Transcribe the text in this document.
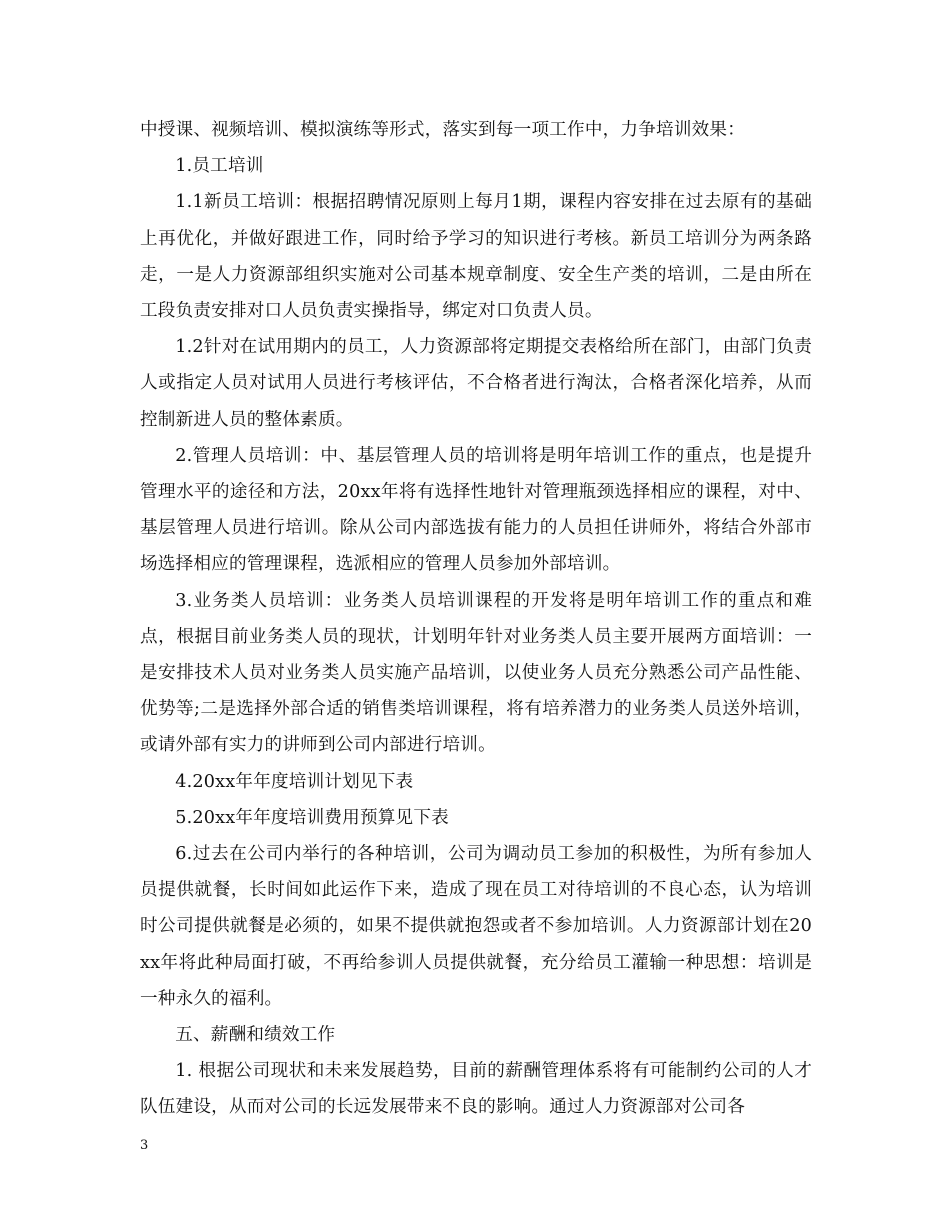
中授课、视频培训、模拟演练等形式，落实到每一项工作中，力争培训效果：

1.员工培训

1.1新员工培训：根据招聘情况原则上每月1期，课程内容安排在过去原有的基础上再优化，并做好跟进工作，同时给予学习的知识进行考核。新员工培训分为两条路走，一是人力资源部组织实施对公司基本规章制度、安全生产类的培训，二是由所在工段负责安排对口人员负责实操指导，绑定对口负责人员。

1.2针对在试用期内的员工，人力资源部将定期提交表格给所在部门，由部门负责人或指定人员对试用人员进行考核评估，不合格者进行淘汰，合格者深化培养，从而控制新进人员的整体素质。

2.管理人员培训：中、基层管理人员的培训将是明年培训工作的重点，也是提升管理水平的途径和方法，20xx年将有选择性地针对管理瓶颈选择相应的课程，对中、基层管理人员进行培训。除从公司内部选拔有能力的人员担任讲师外，将结合外部市场选择相应的管理课程，选派相应的管理人员参加外部培训。

3.业务类人员培训：业务类人员培训课程的开发将是明年培训工作的重点和难点，根据目前业务类人员的现状，计划明年针对业务类人员主要开展两方面培训：一是安排技术人员对业务类人员实施产品培训，以使业务人员充分熟悉公司产品性能、优势等;二是选择外部合适的销售类培训课程，将有培养潜力的业务类人员送外培训，或请外部有实力的讲师到公司内部进行培训。

4.20xx年年度培训计划见下表

5.20xx年年度培训费用预算见下表

6.过去在公司内举行的各种培训，公司为调动员工参加的积极性，为所有参加人员提供就餐，长时间如此运作下来，造成了现在员工对待培训的不良心态，认为培训时公司提供就餐是必须的，如果不提供就抱怨或者不参加培训。人力资源部计划在20xx年将此种局面打破，不再给参训人员提供就餐，充分给员工灌输一种思想：培训是一种永久的福利。

五、薪酬和绩效工作

1. 根据公司现状和未来发展趋势，目前的薪酬管理体系将有可能制约公司的人才队伍建设，从而对公司的长远发展带来不良的影响。通过人力资源部对公司各

3
